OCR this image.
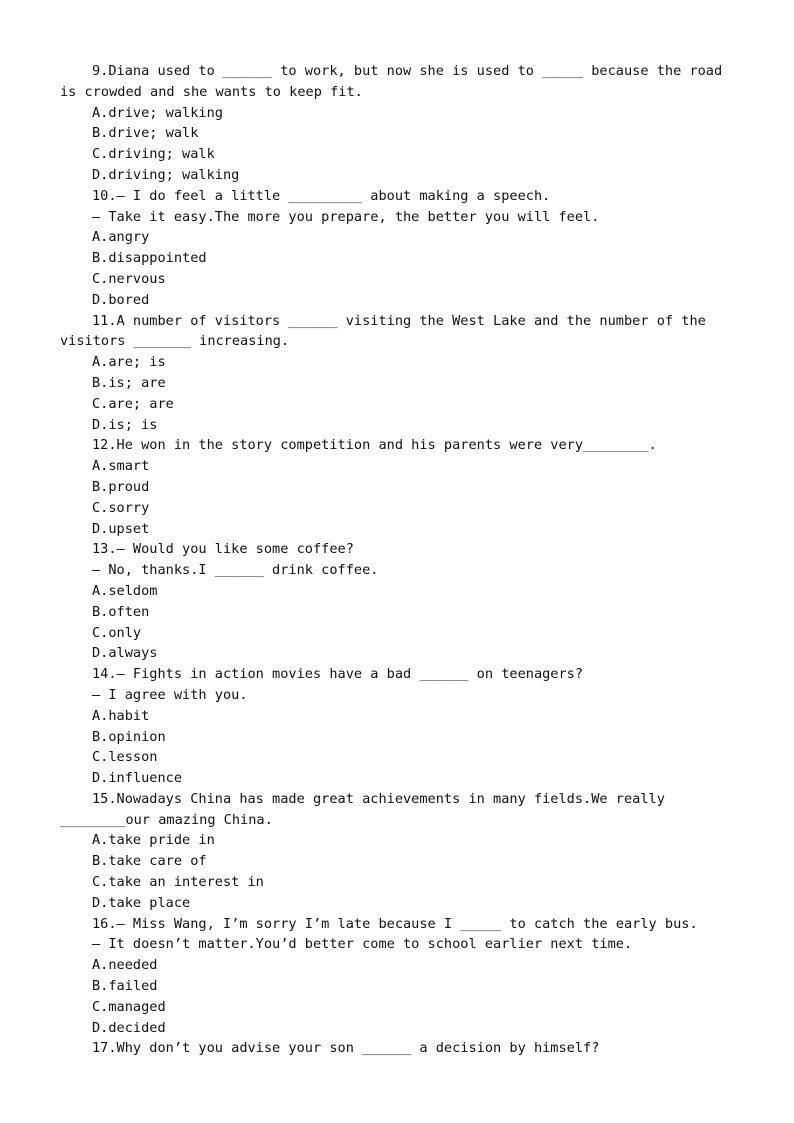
9.Diana used to ______ to work, but now she is used to _____ because the road  is crowded and she wants to keep fit.
A.drive; walking
B.drive; walk
C.driving; walk
D.driving; walking
10.— I do feel a little _________ about making a speech.
— Take it easy.The more you prepare, the better you will feel.
A.angry
B.disappointed
C.nervous
D.bored
11.A number of visitors ______ visiting the West Lake and the number of the visitors _______ increasing.
A.are; is
B.is; are
C.are; are
D.is; is
12.He won in the story competition and his parents were very________.
A.smart
B.proud
C.sorry
D.upset
13.— Would you like some coffee?
— No, thanks.I ______ drink coffee.
A.seldom
B.often
C.only
D.always
14.— Fights in action movies have a bad ______ on teenagers?
— I agree with you.
A.habit
B.opinion
C.lesson
D.influence
15.Nowadays China has made great achievements in many fields.We really ________our amazing China.
A.take pride in
B.take care of
C.take an interest in
D.take place
16.— Miss Wang, I’m sorry I’m late because I _____ to catch the early bus.
— It doesn’t matter.You’d better come to school earlier next time.
A.needed
B.failed
C.managed
D.decided
17.Why don’t you advise your son ______ a decision by himself?
